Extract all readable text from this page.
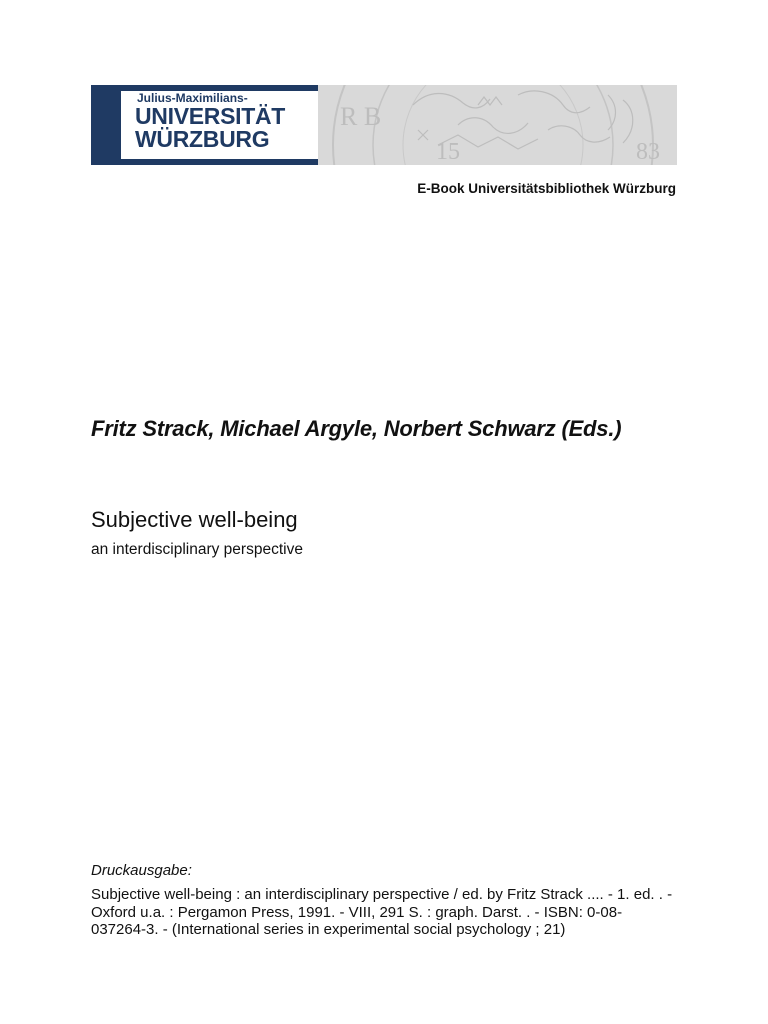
Julius-Maximilians-
UNIVERSITÄT
WÜRZBURG
R B
15	83
E-Book Universitätsbibliothek Würzburg
Fritz Strack, Michael Argyle, Norbert Schwarz (Eds.)
Subjective well-being
an interdisciplinary perspective
Druckausgabe:
Subjective well-being : an interdisciplinary perspective / ed. by Fritz Strack .... - 1. ed. . - Oxford u.a. : Pergamon Press, 1991. - VIII, 291 S. : graph. Darst. . - ISBN: 0-08-037264-3. - (International series in experimental social psychology ; 21)
